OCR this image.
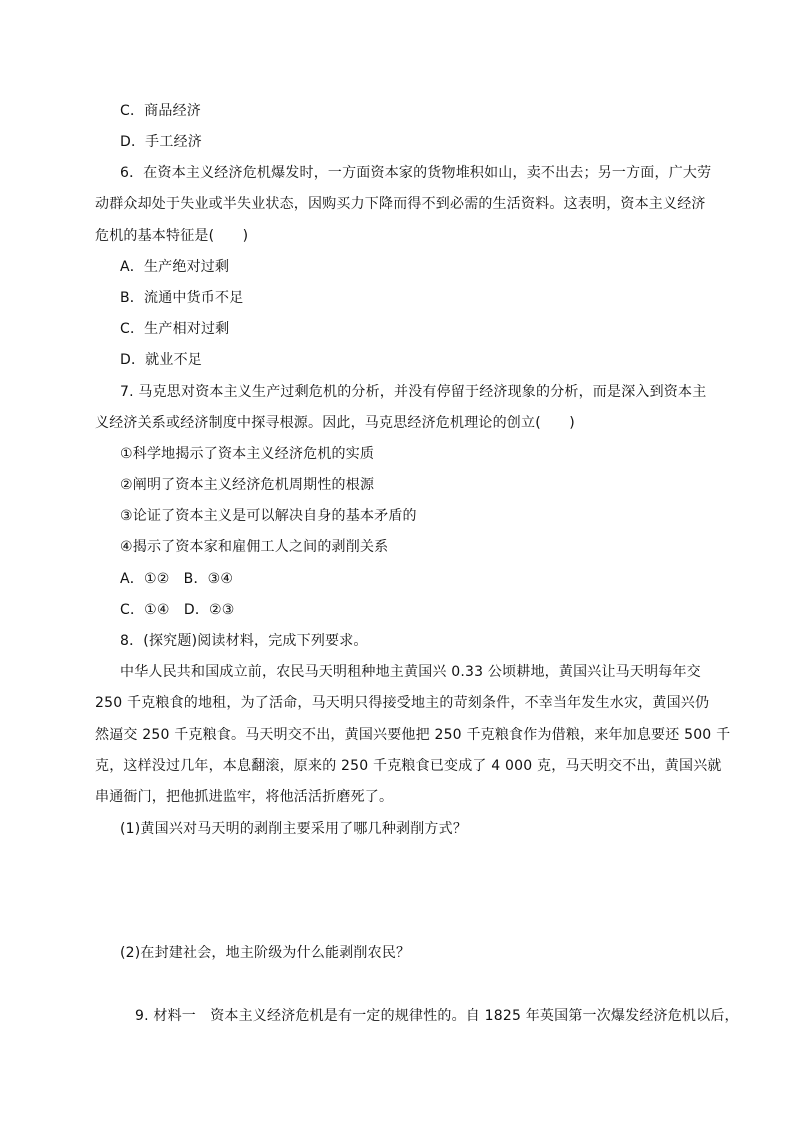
C．商品经济
D．手工经济
6．在资本主义经济危机爆发时，一方面资本家的货物堆积如山，卖不出去；另一方面，广大劳
动群众却处于失业或半失业状态，因购买力下降而得不到必需的生活资料。这表明，资本主义经济
危机的基本特征是(　　)
A．生产绝对过剩
B．流通中货币不足
C．生产相对过剩
D．就业不足
7. 马克思对资本主义生产过剩危机的分析，并没有停留于经济现象的分析，而是深入到资本主
义经济关系或经济制度中探寻根源。因此，马克思经济危机理论的创立(　　)
①科学地揭示了资本主义经济危机的实质
②阐明了资本主义经济危机周期性的根源
③论证了资本主义是可以解决自身的基本矛盾的
④揭示了资本家和雇佣工人之间的剥削关系
A．①②　B．③④
C．①④　D．②③
8．(探究题)阅读材料，完成下列要求。
中华人民共和国成立前，农民马天明租种地主黄国兴 0.33 公顷耕地，黄国兴让马天明每年交
250 千克粮食的地租，为了活命，马天明只得接受地主的苛刻条件，不幸当年发生水灾，黄国兴仍
然逼交 250 千克粮食。马天明交不出，黄国兴要他把 250 千克粮食作为借粮，来年加息要还 500 千
克，这样没过几年，本息翻滚，原来的 250 千克粮食已变成了 4 000 克，马天明交不出，黄国兴就
串通衙门，把他抓进监牢，将他活活折磨死了。
(1)黄国兴对马天明的剥削主要采用了哪几种剥削方式？
(2)在封建社会，地主阶级为什么能剥削农民？
9. 材料一　资本主义经济危机是有一定的规律性的。自 1825 年英国第一次爆发经济危机以后，
